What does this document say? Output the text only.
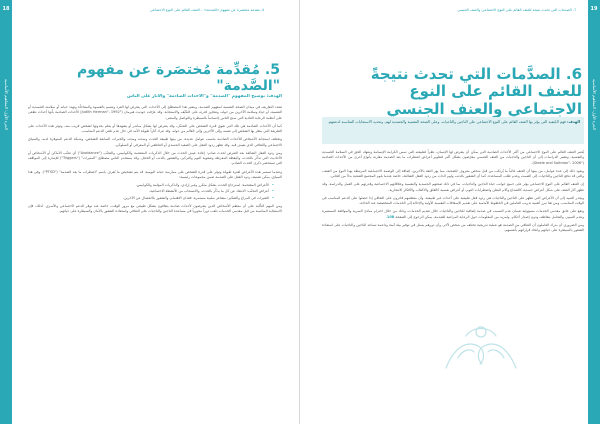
18
الجزء الأول: المفاهيم الأساسية
٥. مقدمة مختصرة عن مفهوم «الصدمة» – العنف القائم على النوع الاجتماعي
5. مُقدِّمة مُختصَرة عن مفهوم "الصَّدمة"
الهدف: توضيح المفهوم "الصدمة" و"الأحداث الصادمة" والآثار على الناس

تتعدد التعاريف في ميدان الصحة النفسية لمفهوم الصدمة، ويشير هذا المصطلح إلى الأحداث التي يتعرض لها الفرد وتتسم بالقسوة والمفاجأة وتهدد حياته أو سلامته الجسدية أو النفسية، أو حياة وسلامة الآخرين من حوله، وتتجاوز قدرته على التكيّف والاستجابة. وقد عرّفت جوديث هيرمان ("Judith Herman"، 1992) الأحداث الصادمة بأنها أحداث تطغى على أنظمة الرعاية العادية التي تمنح الناس إحساساً بالسيطرة والتواصل والمعنى.

كما أن الأحداث الصادمة هي تلك التي تفوق قدرة الشخص على التحمّل، وقد يتعرض لها بشكل مباشر أو يشهدها أو يعلم بحدوثها لشخص قريب منه. وتؤثر هذه الأحداث على الطريقة التي ينظر بها الشخص إلى نفسه وإلى الآخرين وإلى العالم من حوله، وقد تترك آثاراً طويلة الأمد في حال عدم تلقي الدعم المناسب.

وتختلف استجابة الأشخاص للأحداث الصادمة بحسب عوامل عديدة، من بينها طبيعة الحدث وشدته ومدته، والخبرات السابقة للشخص، وشبكة الدعم المتوفرة لديه، والسياق الاجتماعي والثقافي الذي يعيش فيه. وقد تظهر ردود الفعل على الصعيد الجسدي أو العاطفي أو المعرفي أو السلوكي.

ومن ردود الفعل الشائعة بعد التعرض لحدث صادم: إعادة عيش الحدث من خلال الذكريات المقتحمة والكوابيس، والتجنّب ("Avoidance") أي تجنّب الأماكن أو الأشخاص أو الأحاديث التي تذكّر بالحدث، واليقظة المفرطة وصعوبة النوم والتركيز، والشعور بالذنب أو الخجل. وقد يستخدم الناس مصطلح "المثيرات" ("Triggers") للإشارة إلى المواقف التي تستحضر ذكرى الحدث الصادم.

وعندما تستمر هذه الأعراض لفترة طويلة وتؤثر على قدرة الشخص على ممارسة حياته اليومية، قد يتم تشخيص ما يُعرف باسم "اضطراب ما بعد الصدمة" ("PTSD"). وفي هذا السياق، يمكن تصنيف ردود الفعل على الصدمة ضمن مجموعات رئيسية:

• الأعراض المقتحمة: استرجاع الحدث بشكل متكرر وغير إرادي، والذكريات المؤلمة والكوابيس.
• أعراض التجنّب: الابتعاد عن كل ما يذكّر بالحدث، والانسحاب من الأنشطة الاجتماعية.
• التغيرات في المزاج والتفكير: مشاعر سلبية مستمرة، فقدان الاهتمام، والشعور بالانفصال عن الآخرين.

ومن المهم التأكيد على أن معظم الأشخاص الذين يتعرضون لأحداث صادمة يتعافون بشكل طبيعي مع مرور الوقت، خاصة عند توفر الدعم الاجتماعي والأسري. لذلك، فإن الاستجابة المناسبة من قبل مقدمي الخدمات تلعب دوراً محورياً في مساعدة الناجين والناجيات على التعافي واستعادة الشعور بالأمان والسيطرة على حياتهم.

19
الجزء الأول: المفاهيم الأساسية
٦. الصدمات التي تحدث نتيجة للعنف القائم على النوع الاجتماعي والعنف الجنسي
6. الصدَّمات التي تحدث نتيجةً للعنف القائم على النوع الاجتماعي والعنف الجنسي
الهدف: فهم الكيفية التي يؤثر بها العنف القائم على النوع الاجتماعي على الناجين والناجيات، وعلى الصحة النفسية والجسدية لهم، وتحديد الاستجابات المناسبة لدعمهم.

يُعتبر العنف القائم على النوع الاجتماعي من أكثر الأحداث الصادمة التي يمكن أن يتعرض لها الإنسان، نظراً لطبيعته التي تمس الكرامة الإنسانية وتنتهك الحق في السلامة الجسدية والنفسية. وتشير الدراسات إلى أن الناجين والناجيات من العنف الجنسي معرّضون بشكل أكبر لتطوير أعراض اضطراب ما بعد الصدمة مقارنة بأنواع أخرى من الأحداث الصادمة ("Steele and Saltman"، 2006).

ويعود ذلك إلى عدة عوامل، من بينها أن العنف غالباً ما يُرتكب من قبل شخص معروف للضحية، مما يهز الثقة بالآخرين، إضافة إلى الوصمة الاجتماعية المرتبطة بهذا النوع من العنف، والتي قد تدفع الناجين والناجيات إلى الصمت وعدم طلب المساعدة. كما أن الشعور بالذنب ولوم الذات من ردود الفعل الشائعة، خاصة عندما يلوم المجتمع الضحية بدلاً من الجاني.

إن العنف القائم على النوع الاجتماعي يؤثر على جميع جوانب حياة الناجين والناجيات، بما في ذلك صحتهم الجسدية والنفسية وعلاقاتهم الاجتماعية وقدرتهم على العمل والدراسة. وقد تظهر آثار العنف على شكل أعراض جسدية كالصداع وآلام البطن واضطرابات النوم، أو أعراض نفسية كالقلق والاكتئاب والأفكار الانتحارية.

ويجدر التنبيه إلى أن الأعراض التي تظهر على الناجين والناجيات هي ردود فعل طبيعية على أحداث غير طبيعية، وأن معظمهم قادرون على التعافي إذا حصلوا على الدعم المناسب في الوقت المناسب. ومن هنا تبرز أهمية تدريب العاملين في الخطوط الأمامية على تقديم الإسعافات النفسية الأولية والإحالة إلى الخدمات المتخصصة عند الحاجة.

وتقع على عاتق مقدمي الخدمات مسؤولية ضمان عدم التسبب في صدمة إضافية للناجين والناجيات خلال تقديم الخدمات، وذلك من خلال احترام مبادئ السرية والموافقة المستنيرة وعدم التمييز، والتعامل بتعاطف ودون إصدار أحكام. ولمزيد من المعلومات حول الرعاية المراعية للصدمة، يمكن الرجوع إلى الصفحة 108.

ومن الضروري أن يدرك العاملون أن التعافي من الصدمة هو عملية تدريجية تختلف من شخص لآخر، وأن دورهم يتمثل في توفير بيئة آمنة وداعمة تساعد الناجين والناجيات على استعادة الشعور بالسيطرة على حياتهم واتخاذ قراراتهم بأنفسهم.
